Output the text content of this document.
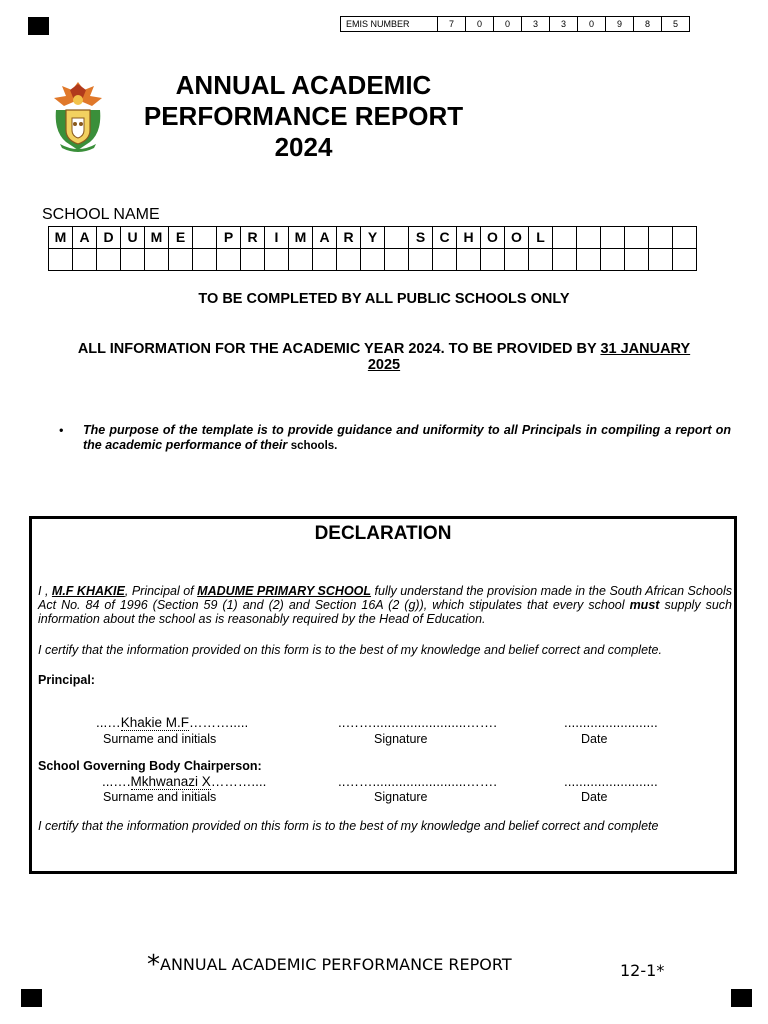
EMIS NUMBER	7	0	0	3	3	0	9	8	5
ANNUAL ACADEMIC
PERFORMANCE REPORT
2024
SCHOOL NAME
M	A	D	U	M	E		P	R	I	M	A	R	Y		S	C	H	O	O	L						

TO BE COMPLETED BY ALL PUBLIC SCHOOLS ONLY
ALL INFORMATION FOR THE ACADEMIC YEAR 2024. TO BE PROVIDED BY 31 JANUARY
2025
• The purpose of the template is to provide guidance and uniformity to all Principals in compiling a report on the academic performance of their schools.
DECLARATION
I , M.F KHAKIE, Principal of MADUME PRIMARY SCHOOL fully understand the provision made in the South African Schools Act No. 84 of 1996 (Section 59 (1) and (2) and Section 16A (2 (g)), which stipulates that every school must supply such information about the school as is reasonably required by the Head of Education.
I certify that the information provided on this form is to the best of my knowledge and belief correct and complete.
Principal:
...…Khakie M.F……….....	..…….........................…….	.........................
Surname and initials	Signature	Date
School Governing Body Chairperson:
...….Mkhwanazi X………....	..…….........................…….	.........................
Surname and initials	Signature	Date
I certify that the information provided on this form is to the best of my knowledge and belief correct and complete
*ANNUAL ACADEMIC PERFORMANCE REPORT	12-1*
